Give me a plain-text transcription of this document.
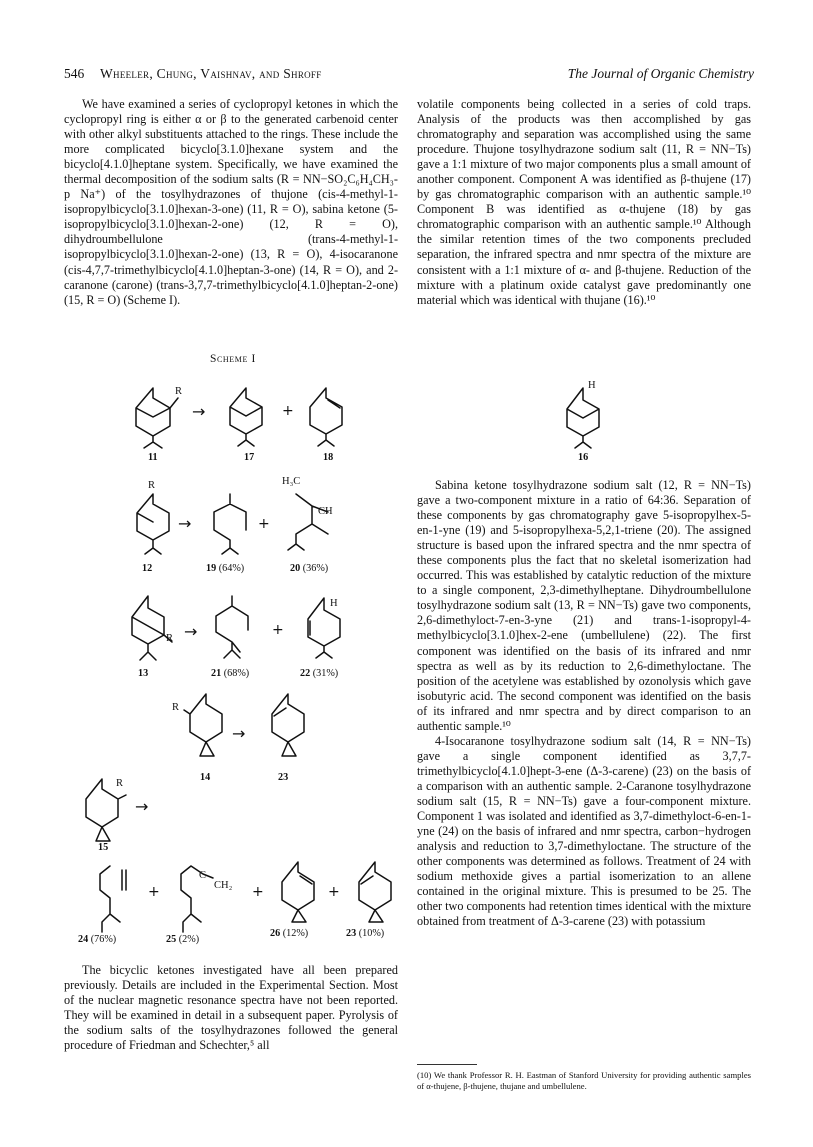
546 Wheeler, Chung, Vaishnav, and Shroff	The Journal of Organic Chemistry

We have examined a series of cyclopropyl ketones in which the cyclopropyl ring is either α or β to the generated carbenoid center with other alkyl substituents attached to the rings. These include the more complicated bicyclo[3.1.0]hexane system and the bicyclo[4.1.0]heptane system. Specifically, we have examined the thermal decomposition of the sodium salts (R = NN−SO₂C₆H₄CH₃-p Na⁺) of the tosylhydrazones of thujone (cis-4-methyl-1-isopropylbicyclo[3.1.0]hexan-3-one) (11, R = O), sabina ketone (5-isopropylbicyclo[3.1.0]hexan-2-one) (12, R = O), dihydroumbellulone (trans-4-methyl-1-isopropylbicyclo[3.1.0]hexan-2-one) (13, R = O), 4-isocaranone (cis-4,7,7-trimethylbicyclo[4.1.0]heptan-3-one) (14, R = O), and 2-caranone (carone) (trans-3,7,7-trimethylbicyclo[4.1.0]heptan-2-one) (15, R = O) (Scheme I).

The bicyclic ketones investigated have all been prepared previously. Details are included in the Experimental Section. Most of the nuclear magnetic resonance spectra have not been reported. They will be examined in detail in a subsequent paper. Pyrolysis of the sodium salts of the tosylhydrazones followed the general procedure of Friedman and Schechter,⁵ all

volatile components being collected in a series of cold traps. Analysis of the products was then accomplished by gas chromatography and separation was accomplished using the same procedure. Thujone tosylhydrazone sodium salt (11, R = NN−Ts) gave a 1:1 mixture of two major components plus a small amount of another component. Component A was identified as β-thujene (17) by gas chromatographic comparison with an authentic sample.¹⁰ Component B was identified as α-thujene (18) by gas chromatographic comparison with an authentic sample.¹⁰ Although the similar retention times of the two components precluded separation, the infrared spectra and nmr spectra of the mixture are consistent with a 1:1 mixture of α- and β-thujene. Reduction of the mixture with a platinum oxide catalyst gave predominantly one material which was identical with thujane (16).¹⁰

Sabina ketone tosylhydrazone sodium salt (12, R = NN−Ts) gave a two-component mixture in a ratio of 64:36. Separation of these components by gas chromatography gave 5-isopropylhex-5-en-1-yne (19) and 5-isopropylhexa-5,2,1-triene (20). The assigned structure is based upon the infrared spectra and the nmr spectra of these components plus the fact that no skeletal isomerization had occurred. This was established by catalytic reduction of the mixture to a single component, 2,3-dimethylheptane. Dihydroumbellulone tosylhydrazone sodium salt (13, R = NN−Ts) gave two components, 2,6-dimethyloct-7-en-3-yne (21) and trans-1-isopropyl-4-methylbicyclo[3.1.0]hex-2-ene (umbellulene) (22). The first component was identified on the basis of its infrared and nmr spectra as well as by its reduction to 2,6-dimethyloctane. The position of the acetylene was established by ozonolysis which gave isobutyric acid. The second component was identified on the basis of its infrared and nmr spectra and by direct comparison to an authentic sample.¹⁰

4-Isocaranone tosylhydrazone sodium salt (14, R = NN−Ts) gave a single component identified as 3,7,7-trimethylbicyclo[4.1.0]hept-3-ene (Δ-3-carene) (23) on the basis of a comparison with an authentic sample. 2-Caranone tosylhydrazone sodium salt (15, R = NN−Ts) gave a four-component mixture. Component 1 was isolated and identified as 3,7-dimethyloct-6-en-1-yne (24) on the basis of infrared and nmr spectra, carbon−hydrogen analysis and reduction to 3,7-dimethyloctane. The structure of the other components was determined as follows. Treatment of 24 with sodium methoxide gives a partial isomerization to an allene contained in the original mixture. This is presumed to be 25. The other two components had retention times identical with the mixture obtained from treatment of Δ-3-carene (23) with potassium

(10) We thank Professor R. H. Eastman of Stanford University for providing authentic samples of α-thujene, β-thujene, thujane and umbellulene.
Scheme I
R
→	+
11	17	18
H
16
R
→	+
H₃C
CH
12	19 (64%)	20 (36%)
R →	+
H
13	21 (68%)	22 (31%)
R
→
14	23
R
→
15
+
C
CH₂ +	+
24 (76%)	25 (2%)
26 (12%)	23 (10%)
